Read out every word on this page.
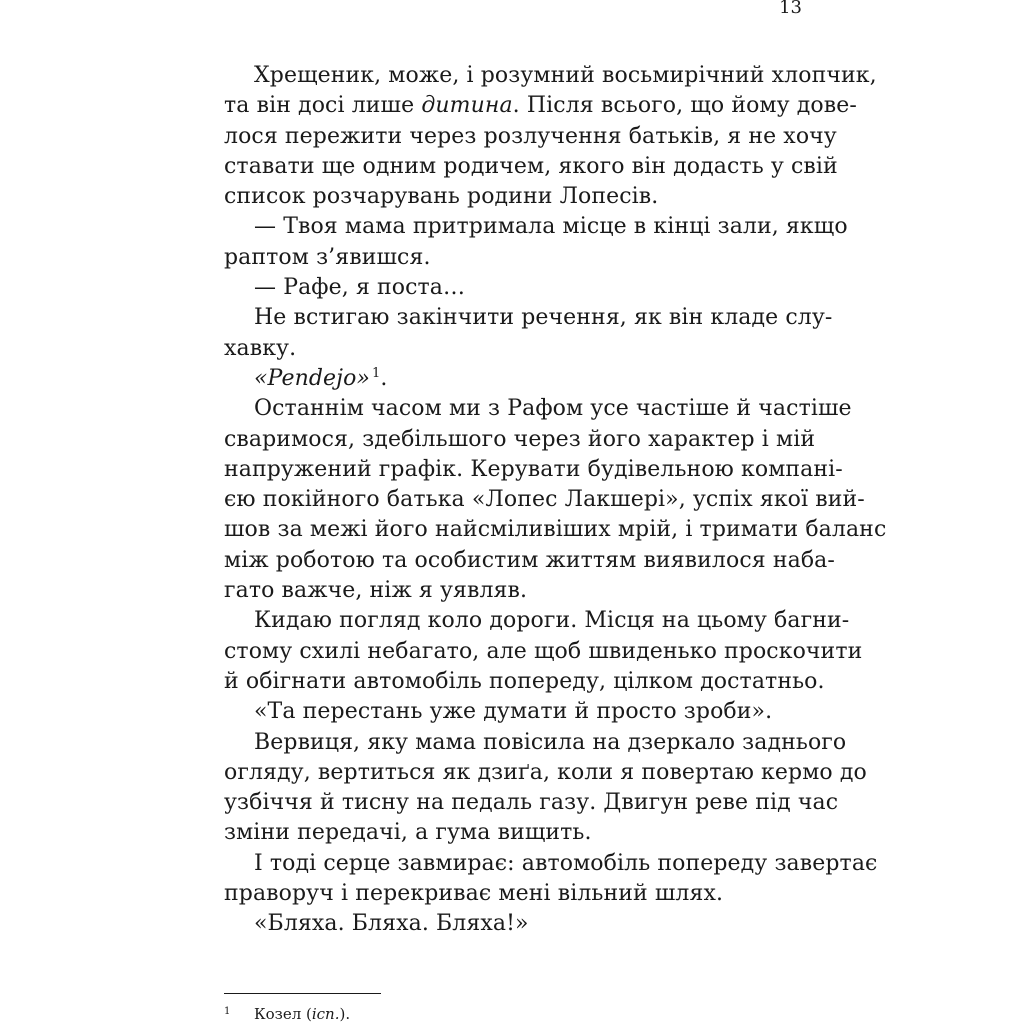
13
Хрещеник, може, і розумний восьмирічний хлопчик,
та він досі лише дитина. Після всього, що йому дове-
лося пережити через розлучення батьків, я не хочу
ставати ще одним родичем, якого він додасть у свій
список розчарувань родини Лопесів.
— Твоя мама притримала місце в кінці зали, якщо
раптом з’явишся.
— Рафе, я поста…
Не встигаю закінчити речення, як він кладе слу-
хавку.
«Pendejo» $^1$.
Останнім часом ми з Рафом усе частіше й частіше
сваримося, здебільшого через його характер і мій
напружений графік. Керувати будівельною компані-
єю покійного батька «Лопес Лакшері», успіх якої вий-
шов за межі його найсміливіших мрій, і тримати баланс
між роботою та особистим життям виявилося наба-
гато важче, ніж я уявляв.
Кидаю погляд коло дороги. Місця на цьому багни-
стому схилі небагато, але щоб швиденько проскочити
й обігнати автомобіль попереду, цілком достатньо.
«Та перестань уже думати й просто зроби».
Вервиця, яку мама повісила на дзеркало заднього
огляду, вертиться як дзиґа, коли я повертаю кермо до
узбіччя й тисну на педаль газу. Двигун реве під час
зміни передачі, а гума вищить.
І тоді серце завмирає: автомобіль попереду завертає
праворуч і перекриває мені вільний шлях.
«Бляха. Бляха. Бляха!»
1 Козел (ісп.).
